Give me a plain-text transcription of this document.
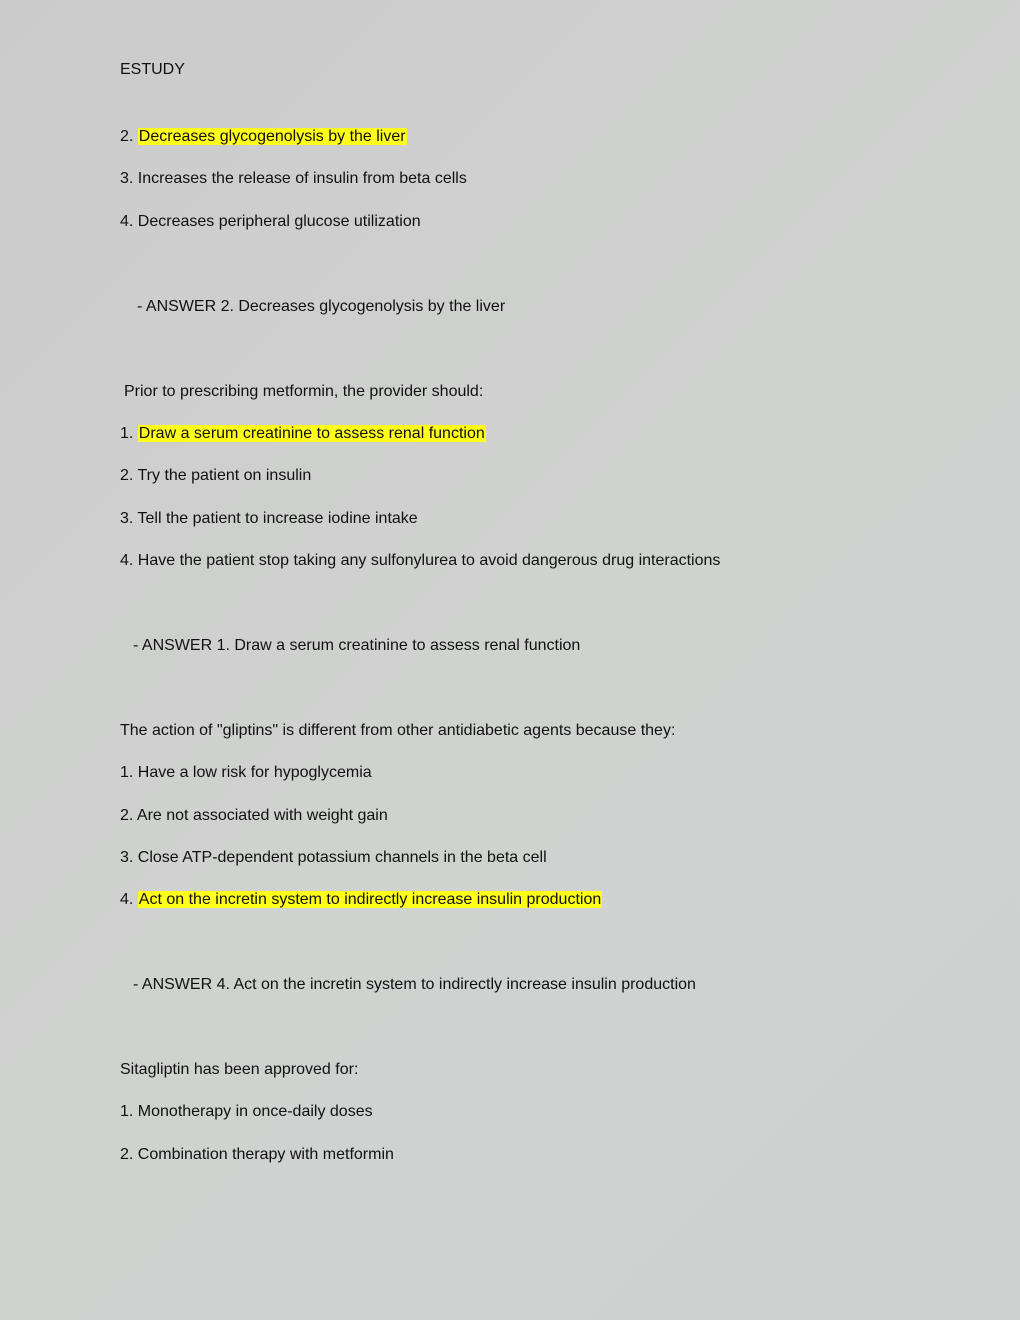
ESTUDY
2. Decreases glycogenolysis by the liver
3. Increases the release of insulin from beta cells
4. Decreases peripheral glucose utilization
- ANSWER 2. Decreases glycogenolysis by the liver
Prior to prescribing metformin, the provider should:
1. Draw a serum creatinine to assess renal function
2. Try the patient on insulin
3. Tell the patient to increase iodine intake
4. Have the patient stop taking any sulfonylurea to avoid dangerous drug interactions
- ANSWER 1. Draw a serum creatinine to assess renal function
The action of "gliptins" is different from other antidiabetic agents because they:
1. Have a low risk for hypoglycemia
2. Are not associated with weight gain
3. Close ATP-dependent potassium channels in the beta cell
4. Act on the incretin system to indirectly increase insulin production
- ANSWER 4. Act on the incretin system to indirectly increase insulin production
Sitagliptin has been approved for:
1. Monotherapy in once-daily doses
2. Combination therapy with metformin
